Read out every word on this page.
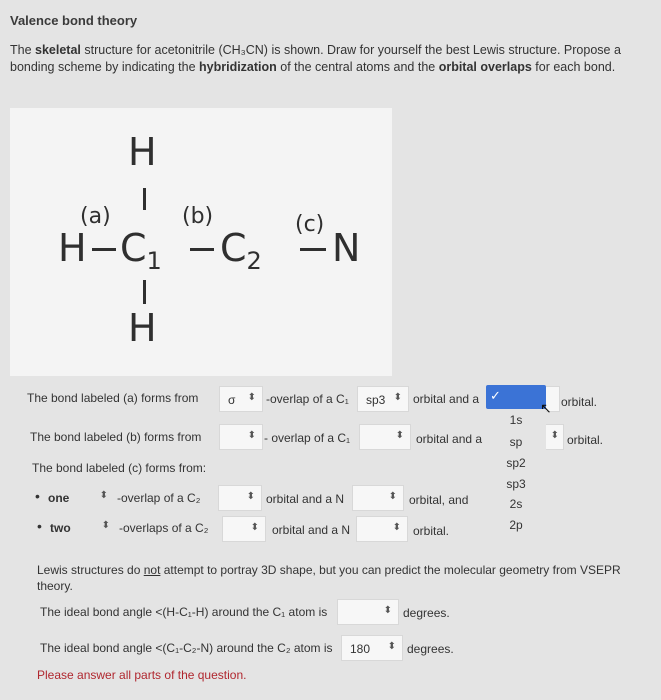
Valence bond theory
The skeletal structure for acetonitrile (CH₃CN) is shown. Draw for yourself the best Lewis structure. Propose a bonding scheme by indicating the hybridization of the central atoms and the orbital overlaps for each bond.
H
(a)	(b)	(c)
H $C_1$ $C_2$ N
H
The bond labeled (a) forms from σ ⬍ -overlap of a C₁ sp3 ⬍ orbital and a	orbital.
✓
1s
sp
sp2
sp3
2s
2p
↖
The bond labeled (b) forms from	⬍ - overlap of a C₁	⬍ orbital and a	⬍ orbital.
The bond labeled (c) forms from:
• one	⬍ -overlap of a C₂	⬍ orbital and a N	⬍ orbital, and
• two	⬍ -overlaps of a C₂	⬍ orbital and a N	⬍ orbital.
Lewis structures do not attempt to portray 3D shape, but you can predict the molecular geometry from VSEPR theory.
The ideal bond angle <(H-C₁-H) around the C₁ atom is	⬍ degrees.
The ideal bond angle <(C₁-C₂-N) around the C₂ atom is 180 ⬍ degrees.
Please answer all parts of the question.
